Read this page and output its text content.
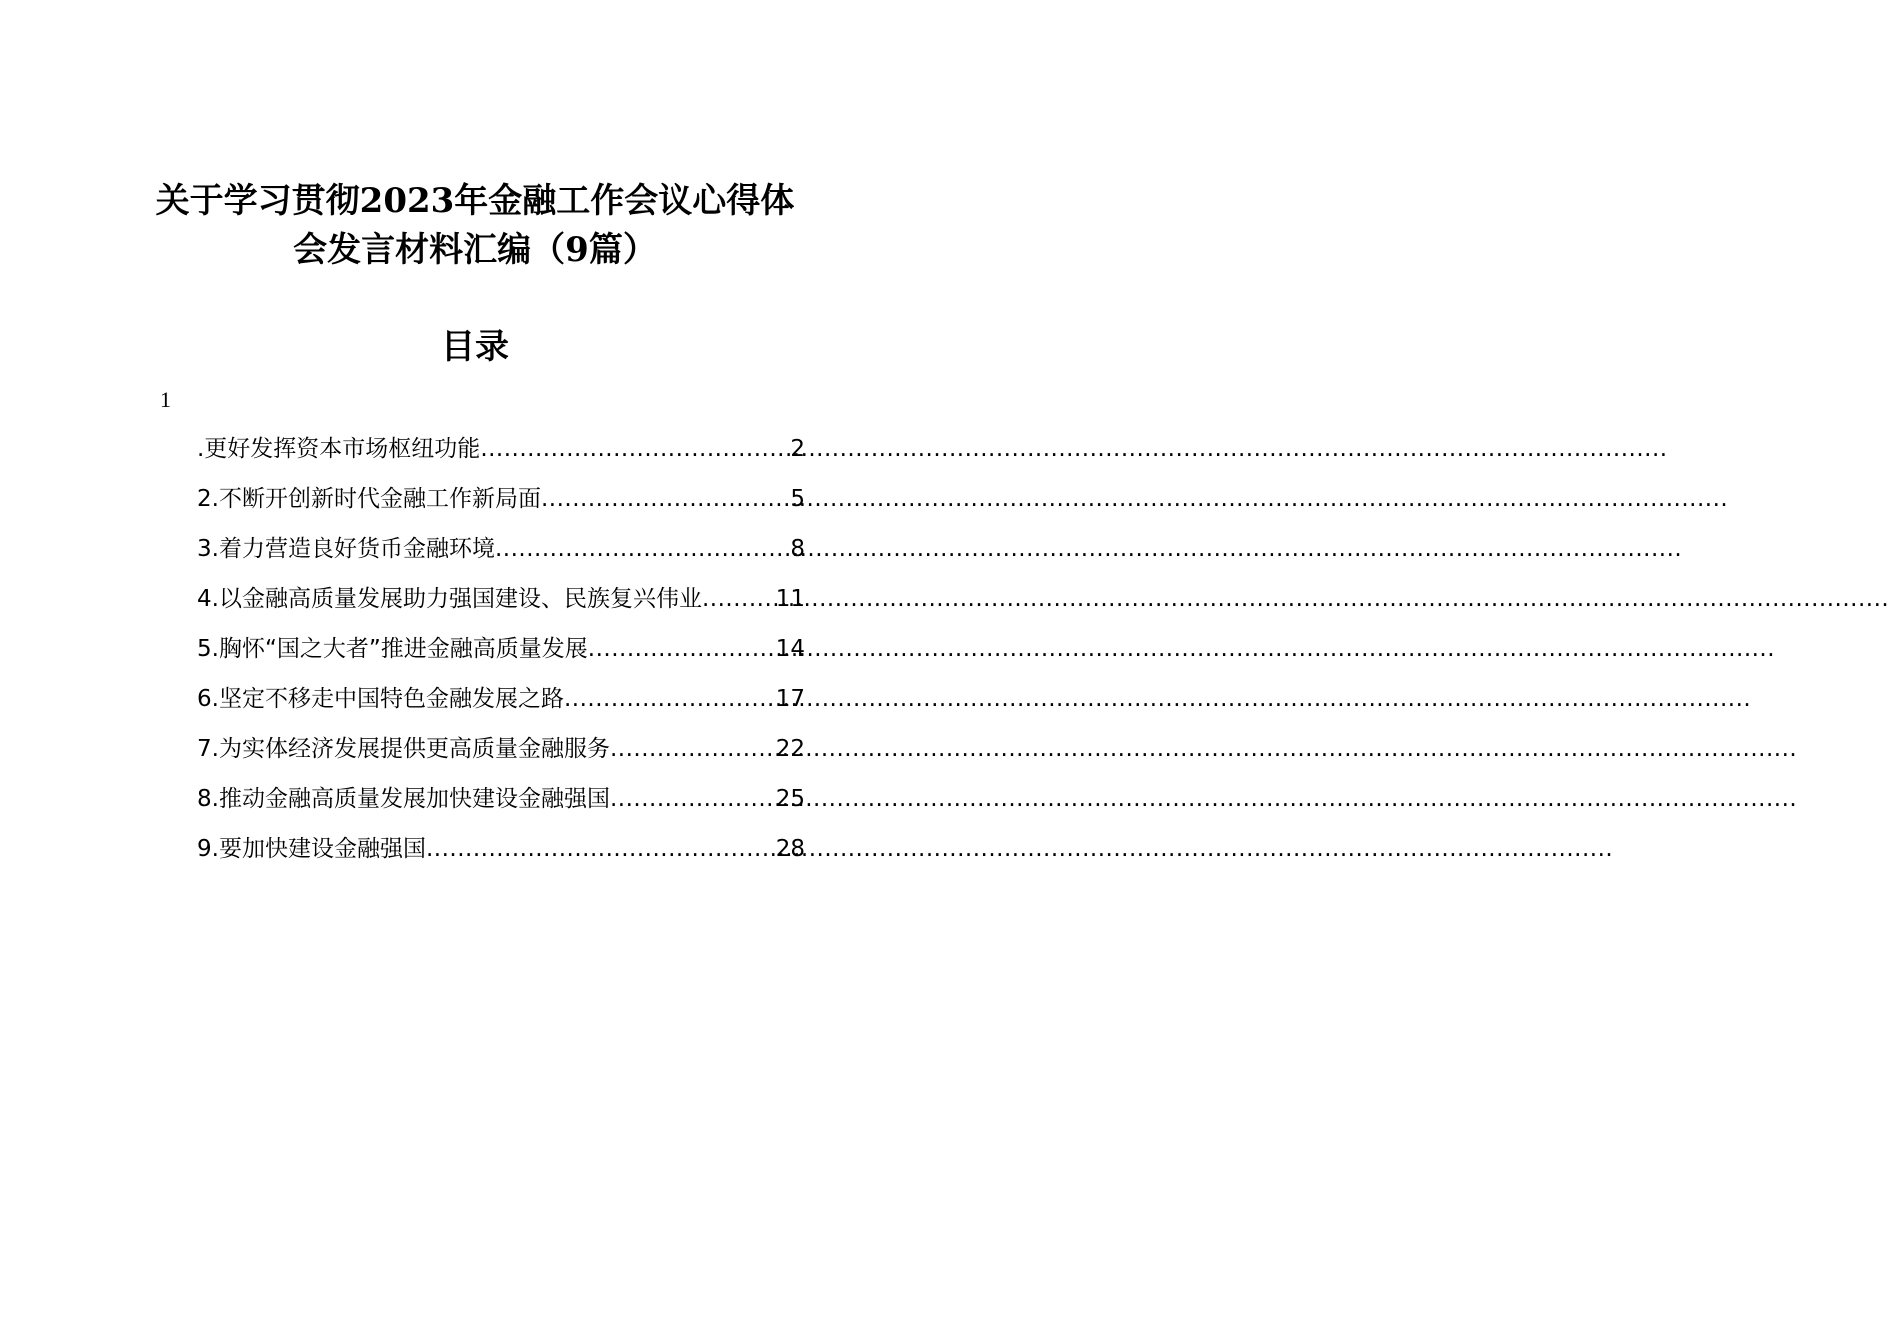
关于学习贯彻2023年金融工作会议心得体
会发言材料汇编（9篇）
目录
1
.更好发挥资本市场枢纽功能 .....	2
2.不断开创新时代金融工作新局面 .....	5
3.着力营造良好货币金融环境 .....	8
4.以金融高质量发展助力强国建设、民族复兴伟业 .....	11
5.胸怀“国之大者”推进金融高质量发展 .....	14
6.坚定不移走中国特色金融发展之路 .....	17
7.为实体经济发展提供更高质量金融服务 .....	22
8.推动金融高质量发展加快建设金融强国 .....	25
9.要加快建设金融强国 .....	28
